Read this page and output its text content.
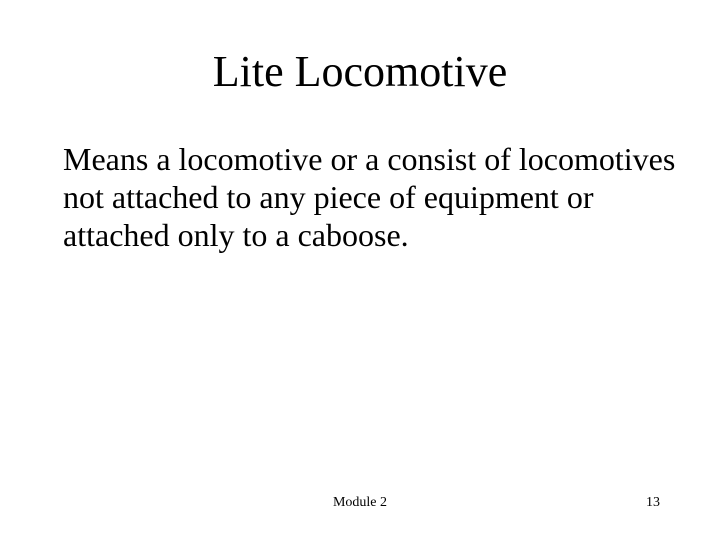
Lite Locomotive

Means a locomotive or a consist of locomotives not attached to any piece of equipment or attached only to a caboose.

Module 2	13
